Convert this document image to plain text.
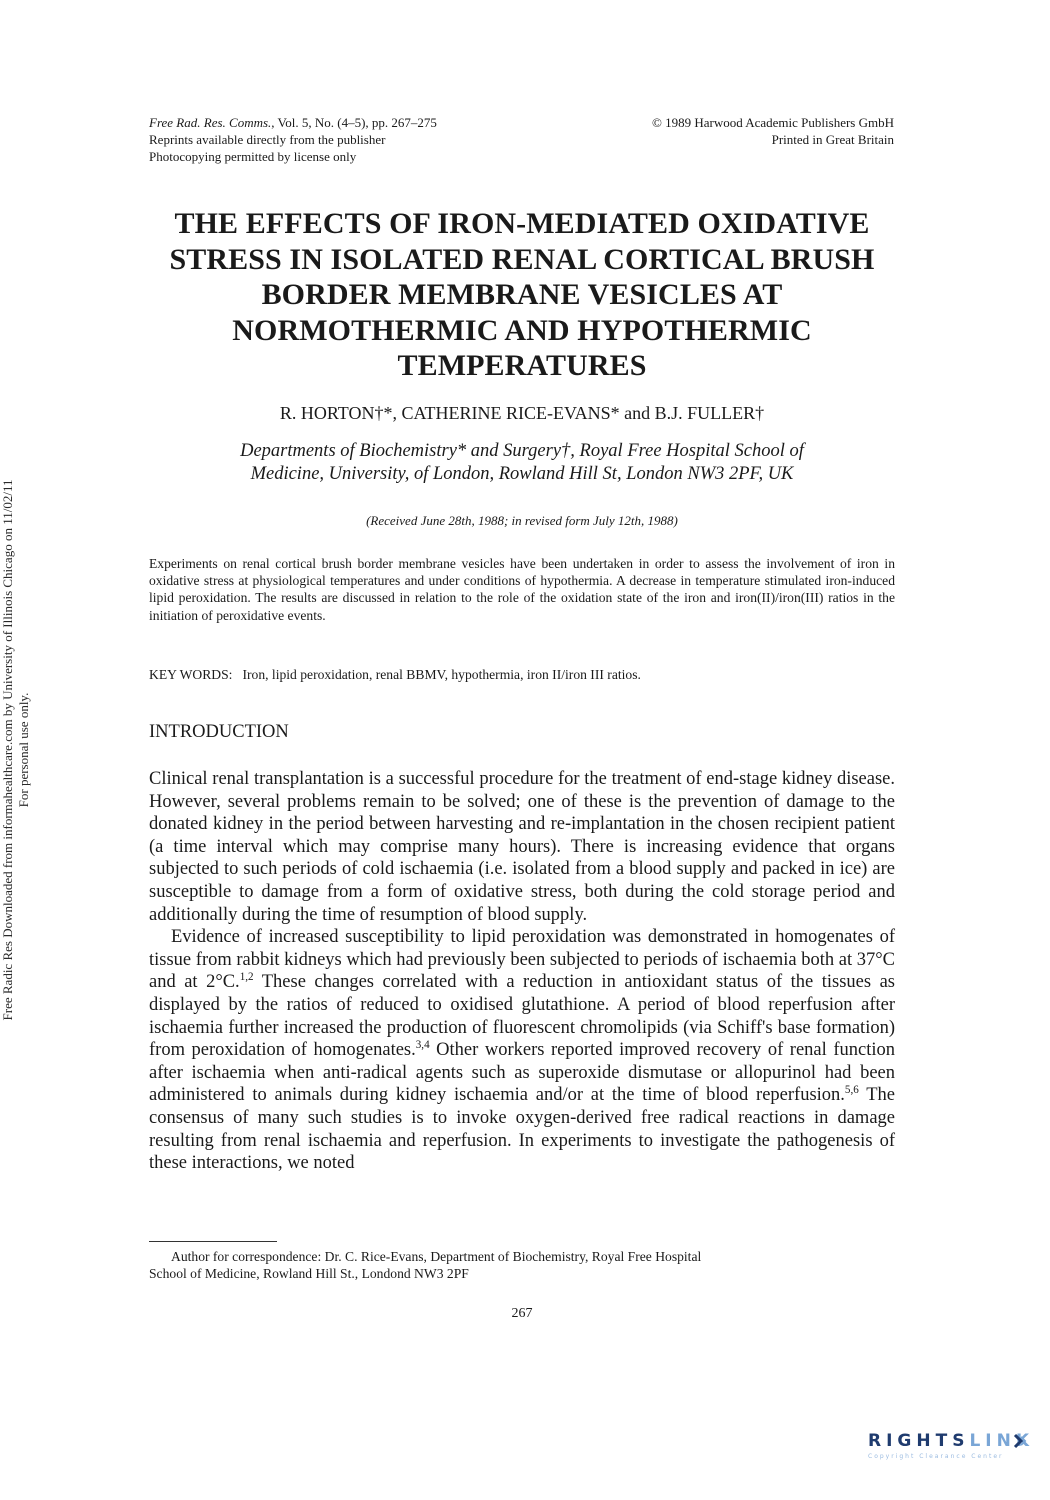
Free Rad. Res. Comms., Vol. 5, No. (4–5), pp. 267–275
Reprints available directly from the publisher
Photocopying permitted by license only
© 1989 Harwood Academic Publishers GmbH
Printed in Great Britain
THE EFFECTS OF IRON-MEDIATED OXIDATIVE
STRESS IN ISOLATED RENAL CORTICAL BRUSH
BORDER MEMBRANE VESICLES AT
NORMOTHERMIC AND HYPOTHERMIC
TEMPERATURES
R. HORTON†*, CATHERINE RICE-EVANS* and B.J. FULLER†
Departments of Biochemistry* and Surgery†, Royal Free Hospital School of
Medicine, University, of London, Rowland Hill St, London NW3 2PF, UK
(Received June 28th, 1988; in revised form July 12th, 1988)

Experiments on renal cortical brush border membrane vesicles have been undertaken in order to assess the involvement of iron in oxidative stress at physiological temperatures and under conditions of hypothermia. A decrease in temperature stimulated iron-induced lipid peroxidation. The results are discussed in relation to the role of the oxidation state of the iron and iron(II)/iron(III) ratios in the initiation of peroxidative events.

KEY WORDS: Iron, lipid peroxidation, renal BBMV, hypothermia, iron II/iron III ratios.
INTRODUCTION

Clinical renal transplantation is a successful procedure for the treatment of end-stage kidney disease. However, several problems remain to be solved; one of these is the prevention of damage to the donated kidney in the period between harvesting and re-implantation in the chosen recipient patient (a time interval which may comprise many hours). There is increasing evidence that organs subjected to such periods of cold ischaemia (i.e. isolated from a blood supply and packed in ice) are susceptible to damage from a form of oxidative stress, both during the cold storage period and additionally during the time of resumption of blood supply.

Evidence of increased susceptibility to lipid peroxidation was demonstrated in homogenates of tissue from rabbit kidneys which had previously been subjected to periods of ischaemia both at 37°C and at 2°C.$^{1,2}$ These changes correlated with a reduction in antioxidant status of the tissues as displayed by the ratios of reduced to oxidised glutathione. A period of blood reperfusion after ischaemia further increased the production of fluorescent chromolipids (via Schiff's base formation) from peroxidation of homogenates.$^{3,4}$ Other workers reported improved recovery of renal function after ischaemia when anti-radical agents such as superoxide dismutase or allopurinol had been administered to animals during kidney ischaemia and/or at the time of blood reperfusion.$^{5,6}$ The consensus of many such studies is to invoke oxygen-derived free radical reactions in damage resulting from renal ischaemia and reperfusion. In experiments to investigate the pathogenesis of these interactions, we noted

Author for correspondence: Dr. C. Rice-Evans, Department of Biochemistry, Royal Free Hospital
School of Medicine, Rowland Hill St., Londond NW3 2PF
267
Free Radic Res Downloaded from informahealthcare.com by University of Illinois Chicago on 11/02/11 For personal use only.
RIGHTSLINK
Copyright Clearance Center
